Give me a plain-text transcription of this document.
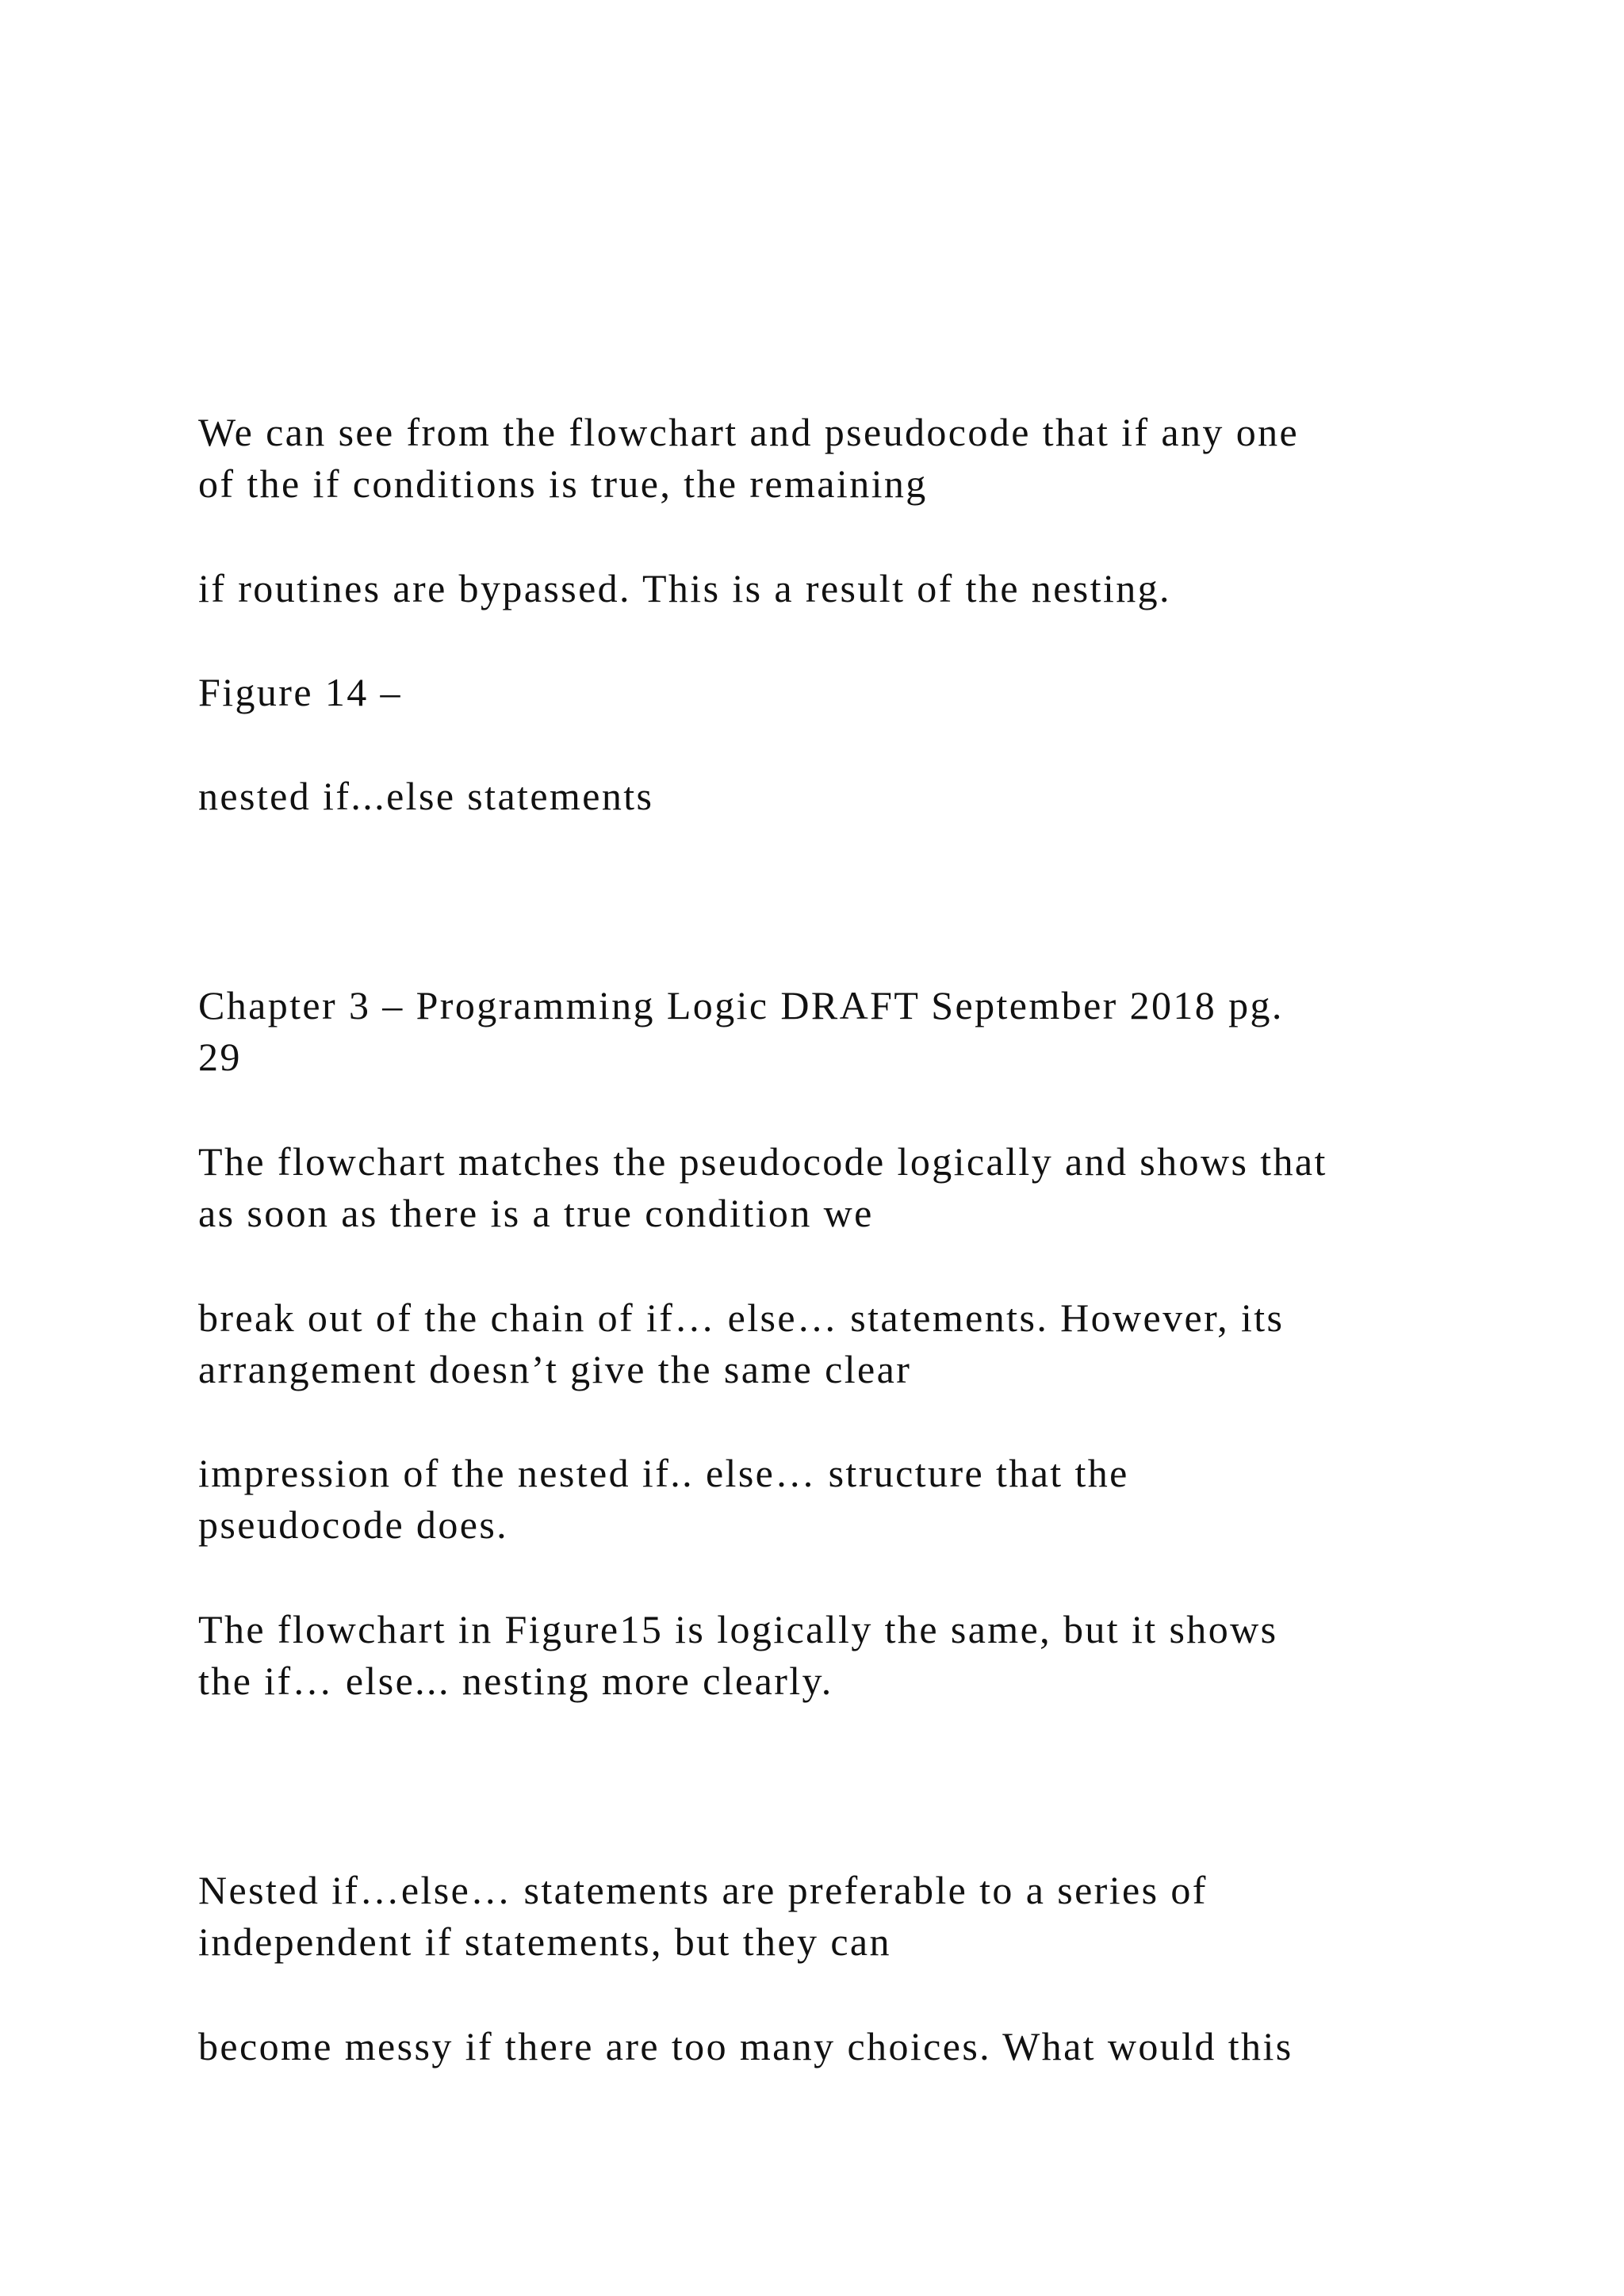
We can see from the flowchart and pseudocode that if any one
of the if conditions is true, the remaining

if routines are bypassed. This is a result of the nesting.

Figure 14 –

nested if...else statements

Chapter 3 – Programming Logic DRAFT September 2018 pg.
29

The flowchart matches the pseudocode logically and shows that
as soon as there is a true condition we

break out of the chain of if… else… statements. However, its
arrangement doesn’t give the same clear

impression of the nested if.. else… structure that the
pseudocode does.

The flowchart in Figure15 is logically the same, but it shows
the if… else... nesting more clearly.

Nested if…else… statements are preferable to a series of
independent if statements, but they can

become messy if there are too many choices. What would this
